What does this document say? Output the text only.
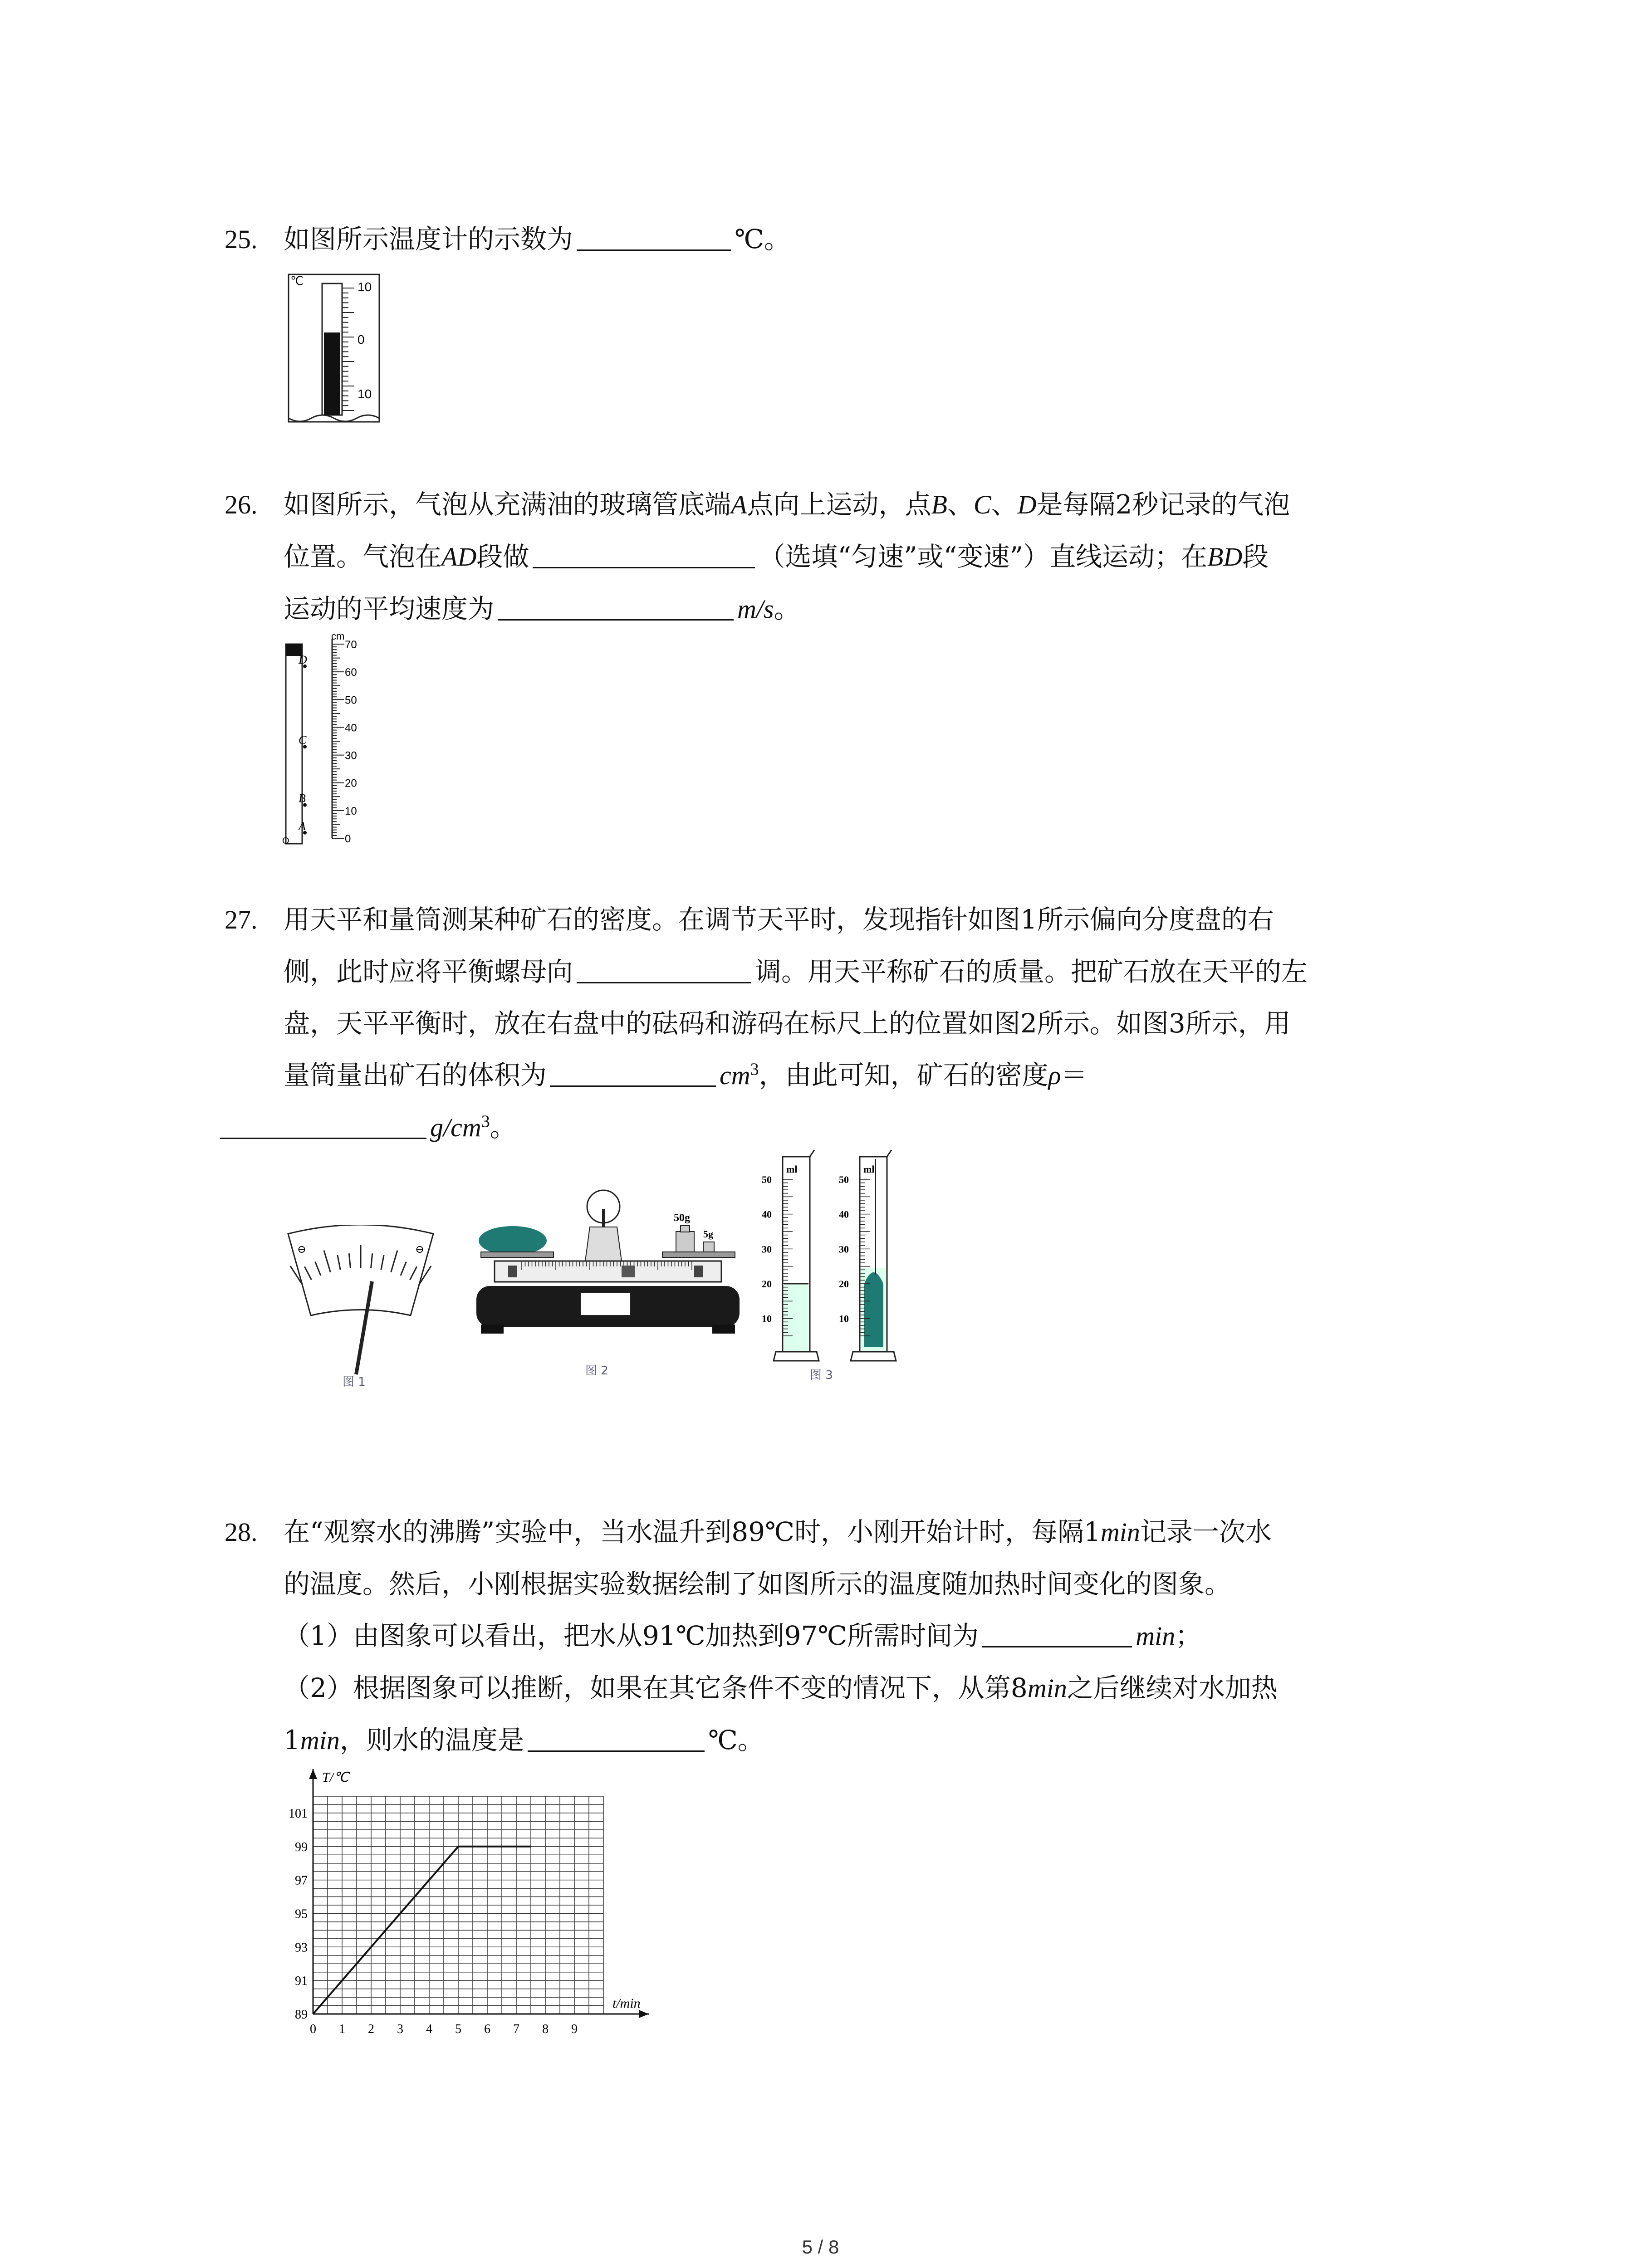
25. 如图所示温度计的示数为	℃。
℃	10
0
10
26. 如图所示，气泡从充满油的玻璃管底端A点向上运动，点B、C、D是每隔2秒记录的气泡
位置。气泡在AD段做	（选填“匀速”或“变速”）直线运动；在BD段
运动的平均速度为	m/s。
70
60
50
40
30
20
10
0
cm
D
C
B
A
O
27. 用天平和量筒测某种矿石的密度。在调节天平时，发现指针如图1所示偏向分度盘的右
侧，此时应将平衡螺母向	调。用天平称矿石的质量。把矿石放在天平的左
盘，天平平衡时，放在右盘中的砝码和游码在标尺上的位置如图2所示。如图3所示，用
量筒量出矿石的体积为	$cm^3$，由此可知，矿石的密度ρ＝
$g/cm^3$。
⊖	⊖
图 1
50g
5g
图 2
50
40
30
20
10
ml
50
40
30
20
10
ml
图 3
28. 在“观察水的沸腾”实验中，当水温升到89℃时，小刚开始计时，每隔1min记录一次水
的温度。然后，小刚根据实验数据绘制了如图所示的温度随加热时间变化的图象。
（1）由图象可以看出，把水从91℃加热到97℃所需时间为	min；
（2）根据图象可以推断，如果在其它条件不变的情况下，从第8min之后继续对水加热
1min，则水的温度是	℃。
0 1 2 3 4 5 6 7 8 9
89
91
93
95
97
99
101
t/min
T/℃
5 / 8
